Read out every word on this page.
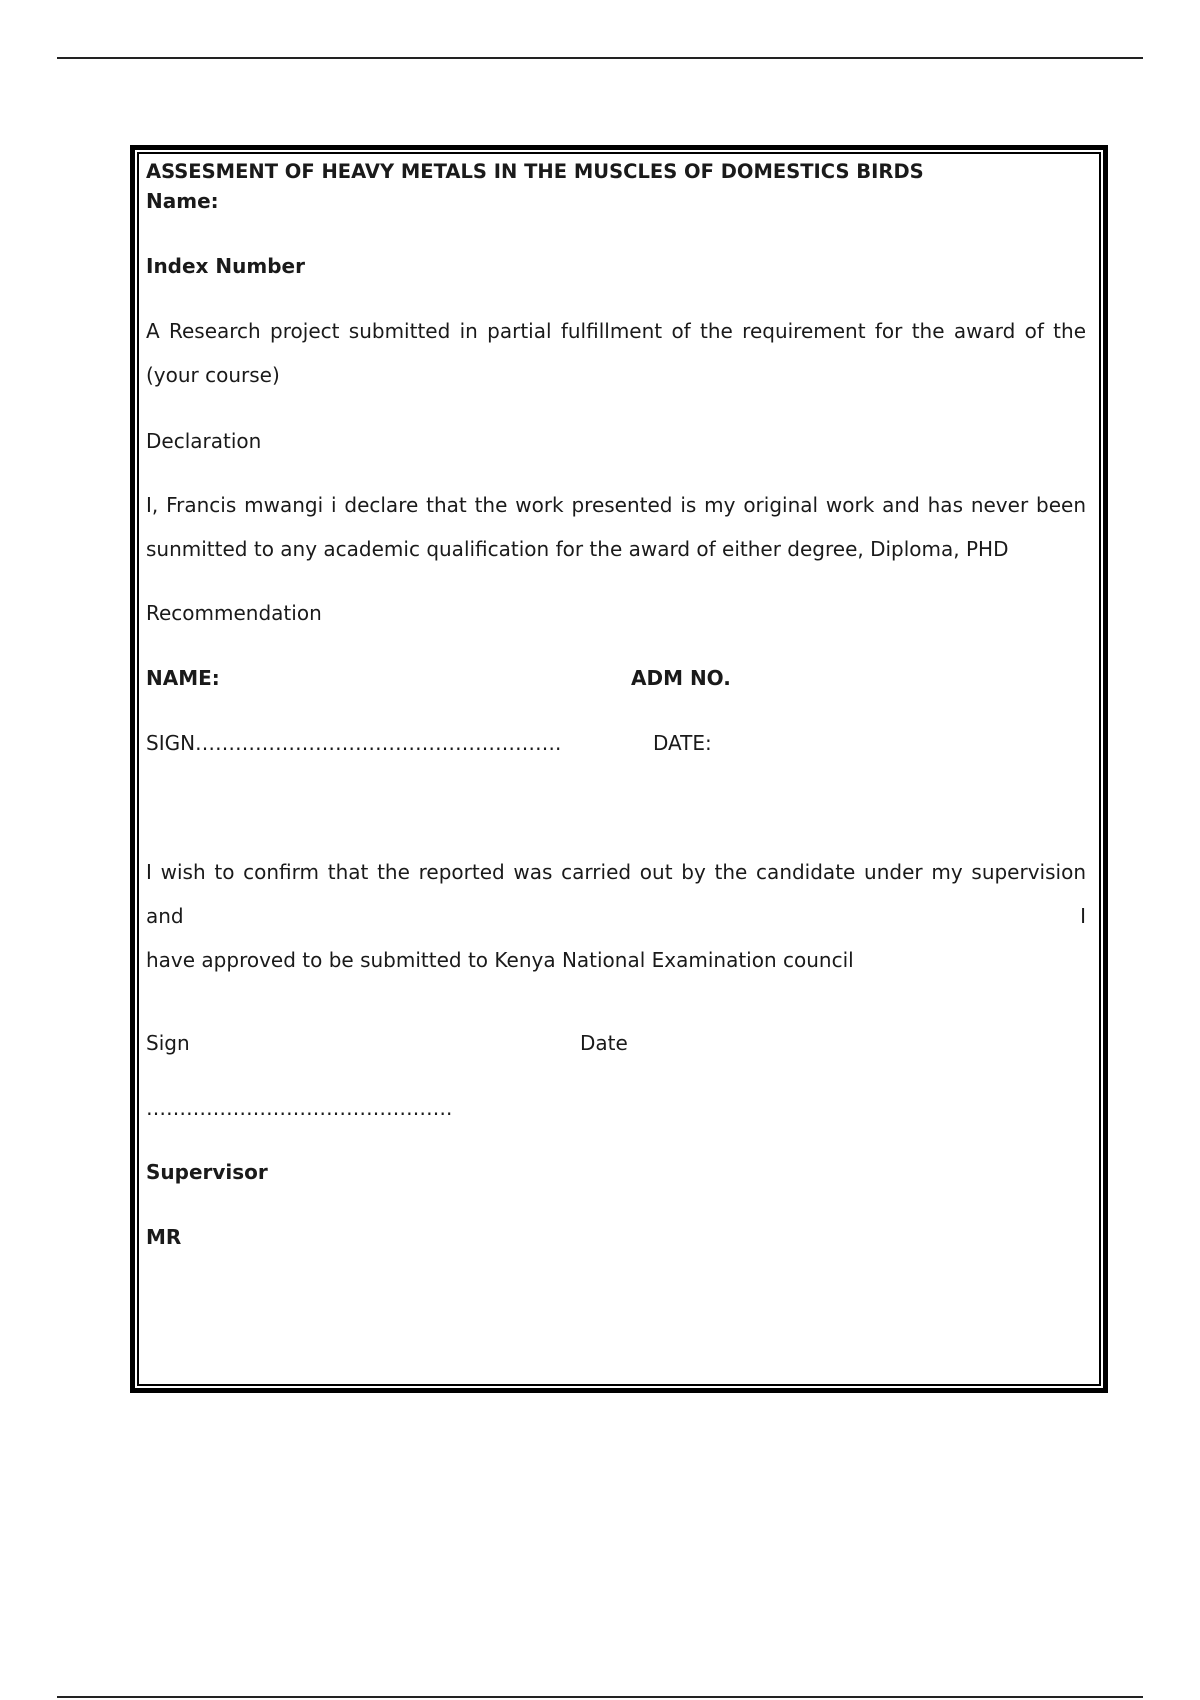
ASSESMENT OF HEAVY METALS IN THE MUSCLES OF DOMESTICS BIRDS
Name:
Index Number
A Research project submitted in partial fulfillment of the requirement for the award of the
(your course)
Declaration
I, Francis mwangi i declare that the work presented is my original work and has never been
sunmitted to any academic qualification for the award of either degree, Diploma, PHD
Recommendation
NAME:	ADM NO.
SIGN……………………………………………….	DATE:
I wish to confirm that the reported was carried out by the candidate under my supervision and I
have approved to be submitted to Kenya National Examination council
Sign	Date
……………………………………….
Supervisor
MR
